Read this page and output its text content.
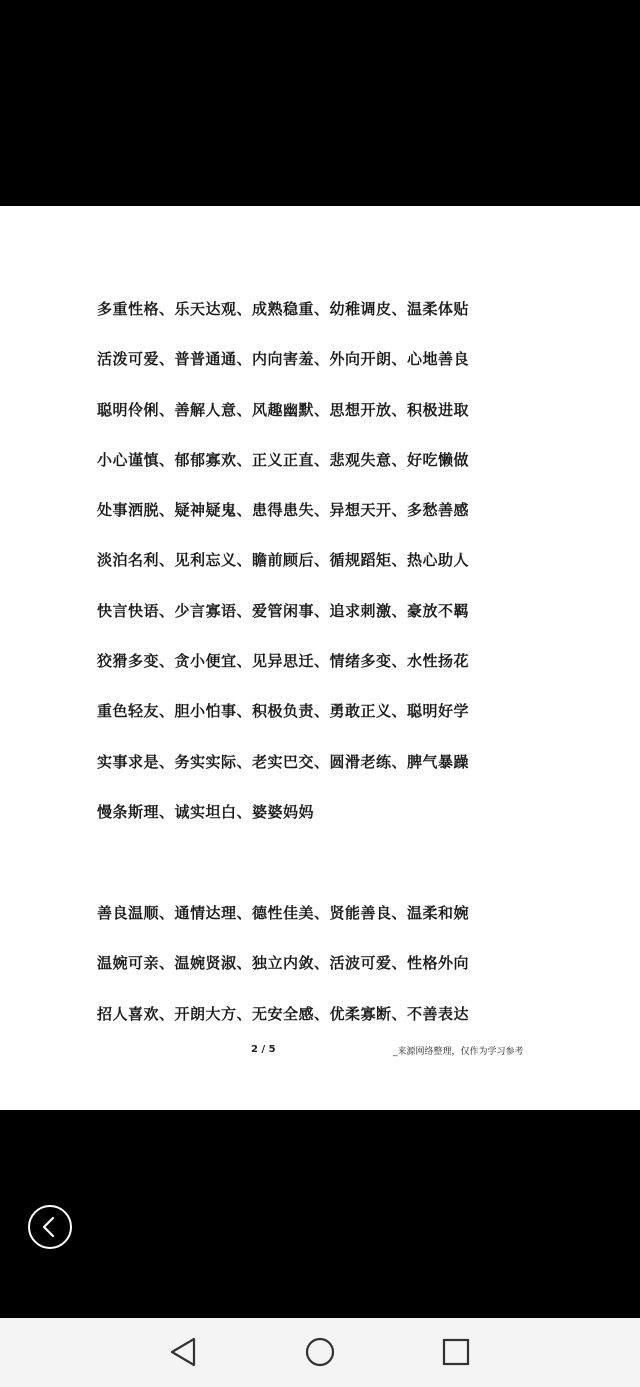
多重性格、乐天达观、成熟稳重、幼稚调皮、温柔体贴
活泼可爱、普普通通、内向害羞、外向开朗、心地善良
聪明伶俐、善解人意、风趣幽默、思想开放、积极进取
小心谨慎、郁郁寡欢、正义正直、悲观失意、好吃懒做
处事洒脱、疑神疑鬼、患得患失、异想天开、多愁善感
淡泊名利、见利忘义、瞻前顾后、循规蹈矩、热心助人
快言快语、少言寡语、爱管闲事、追求刺激、豪放不羁
狡猾多变、贪小便宜、见异思迁、情绪多变、水性扬花
重色轻友、胆小怕事、积极负责、勇敢正义、聪明好学
实事求是、务实实际、老实巴交、圆滑老练、脾气暴躁
慢条斯理、诚实坦白、婆婆妈妈
善良温顺、通情达理、德性佳美、贤能善良、温柔和婉
温婉可亲、温婉贤淑、独立内敛、活波可爱、性格外向
招人喜欢、开朗大方、无安全感、优柔寡断、不善表达
2 / 5	_来源网络整理，仅作为学习参考
